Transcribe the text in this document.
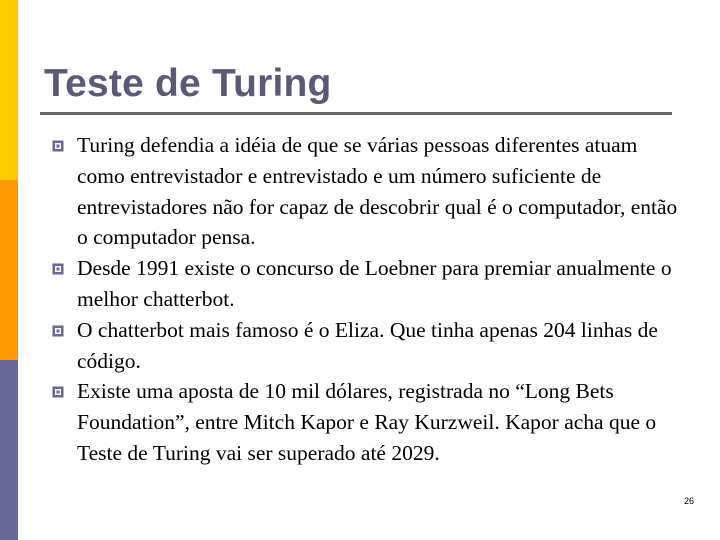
Teste de Turing
Turing defendia a idéia de que se várias pessoas diferentes atuam como entrevistador e entrevistado e um número suficiente de entrevistadores não for capaz de descobrir qual é o computador, então o computador pensa.
Desde 1991 existe o concurso de Loebner para premiar anualmente o melhor chatterbot.
O chatterbot mais famoso é o Eliza. Que tinha apenas 204 linhas de código.
Existe uma aposta de 10 mil dólares, registrada no “Long Bets Foundation”, entre Mitch Kapor e Ray Kurzweil. Kapor acha que o Teste de Turing vai ser superado até 2029.
26
